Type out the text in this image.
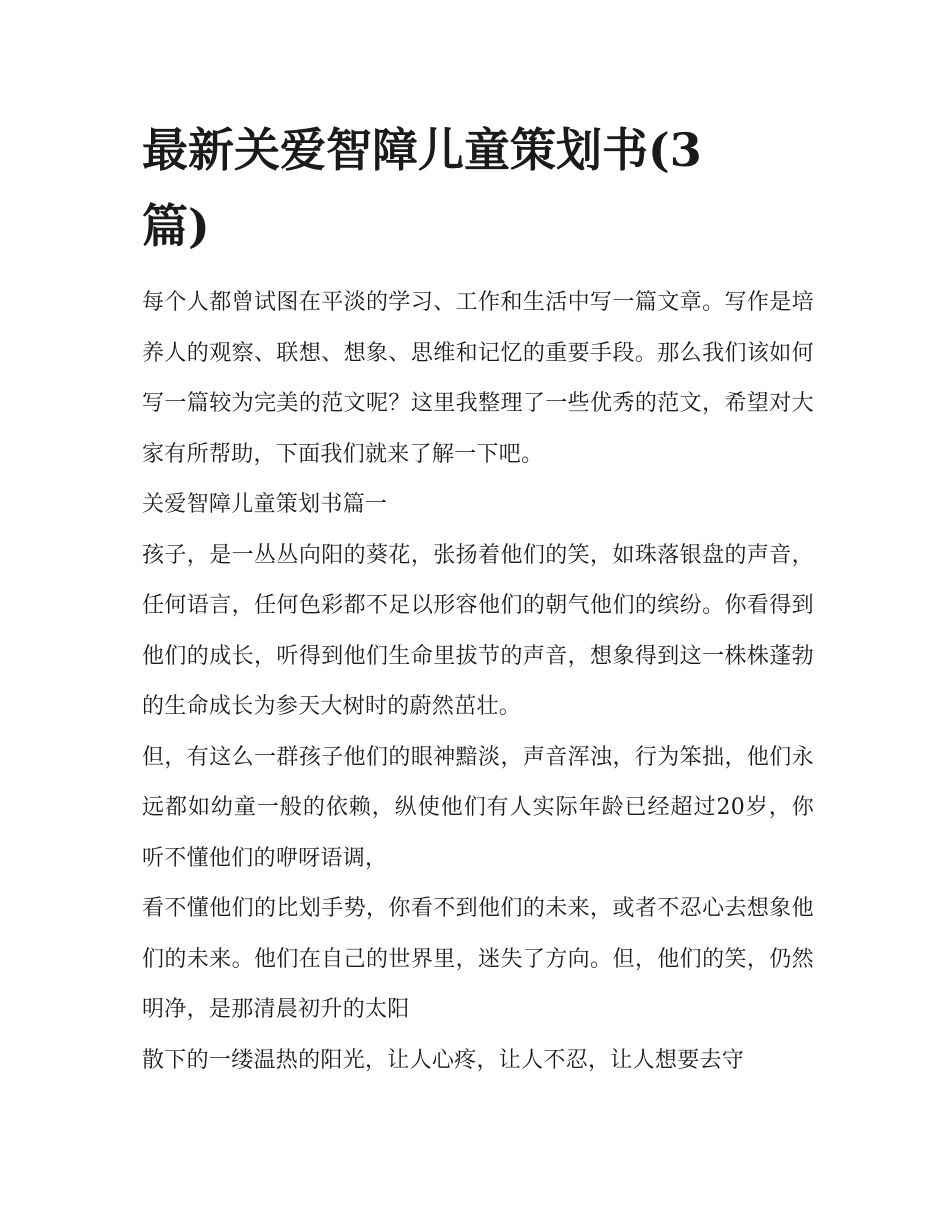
最新关爱智障儿童策划书(3篇)

每个人都曾试图在平淡的学习、工作和生活中写一篇文章。写作是培养人的观察、联想、想象、思维和记忆的重要手段。那么我们该如何写一篇较为完美的范文呢？这里我整理了一些优秀的范文，希望对大家有所帮助，下面我们就来了解一下吧。

关爱智障儿童策划书篇一

孩子，是一丛丛向阳的葵花，张扬着他们的笑，如珠落银盘的声音，任何语言，任何色彩都不足以形容他们的朝气他们的缤纷。你看得到他们的成长，听得到他们生命里拔节的声音，想象得到这一株株蓬勃的生命成长为参天大树时的蔚然茁壮。

但，有这么一群孩子他们的眼神黯淡，声音浑浊，行为笨拙，他们永远都如幼童一般的依赖，纵使他们有人实际年龄已经超过20岁，你听不懂他们的咿呀语调，

看不懂他们的比划手势，你看不到他们的未来，或者不忍心去想象他们的未来。他们在自己的世界里，迷失了方向。但，他们的笑，仍然明净，是那清晨初升的太阳

散下的一缕温热的阳光，让人心疼，让人不忍，让人想要去守
